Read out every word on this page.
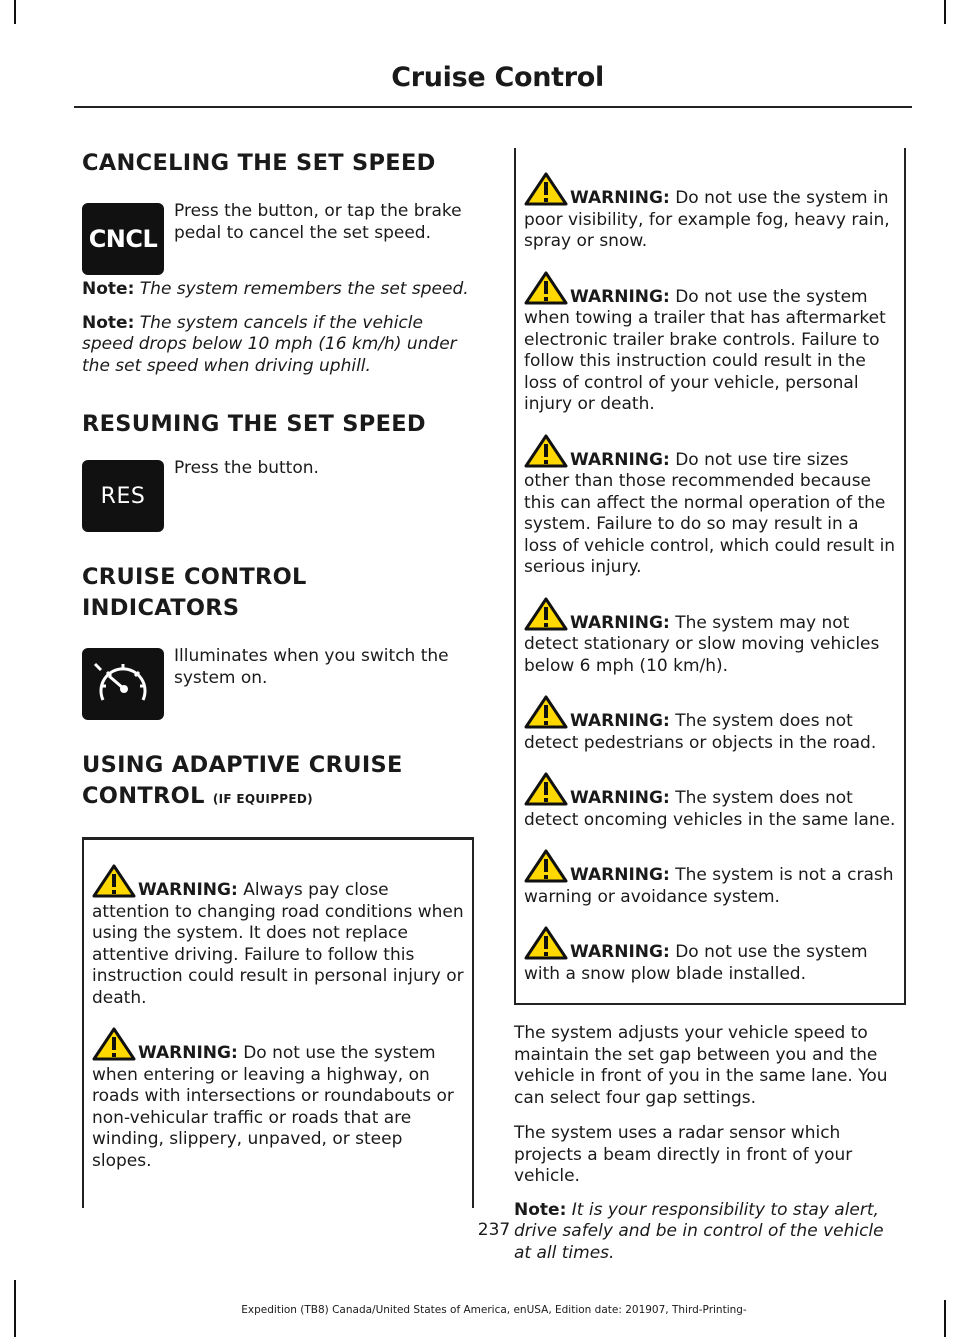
Cruise Control
CANCELING THE SET SPEED
CNCL

Press the button, or tap the brake pedal to cancel the set speed.

Note: The system remembers the set speed.

Note: The system cancels if the vehicle speed drops below 10 mph (16 km/h) under the set speed when driving uphill.

RESUMING THE SET SPEED
RES

Press the button.

CRUISE CONTROL
INDICATORS

Illuminates when you switch the system on.

USING ADAPTIVE CRUISE
CONTROL (IF EQUIPPED)

WARNING: Always pay close attention to changing road conditions when using the system. It does not replace attentive driving. Failure to follow this instruction could result in personal injury or death.

WARNING: Do not use the system when entering or leaving a highway, on roads with intersections or roundabouts or non-vehicular traffic or roads that are winding, slippery, unpaved, or steep slopes.

WARNING: Do not use the system in poor visibility, for example fog, heavy rain, spray or snow.

WARNING: Do not use the system when towing a trailer that has aftermarket electronic trailer brake controls. Failure to follow this instruction could result in the loss of control of your vehicle, personal injury or death.

WARNING: Do not use tire sizes other than those recommended because this can affect the normal operation of the system. Failure to do so may result in a loss of vehicle control, which could result in serious injury.

WARNING: The system may not detect stationary or slow moving vehicles below 6 mph (10 km/h).

WARNING: The system does not detect pedestrians or objects in the road.

WARNING: The system does not detect oncoming vehicles in the same lane.

WARNING: The system is not a crash warning or avoidance system.

WARNING: Do not use the system with a snow plow blade installed.

The system adjusts your vehicle speed to maintain the set gap between you and the vehicle in front of you in the same lane. You can select four gap settings.

The system uses a radar sensor which projects a beam directly in front of your vehicle.

Note: It is your responsibility to stay alert, drive safely and be in control of the vehicle at all times.

237
Expedition (TB8) Canada/United States of America, enUSA, Edition date: 201907, Third-Printing-
